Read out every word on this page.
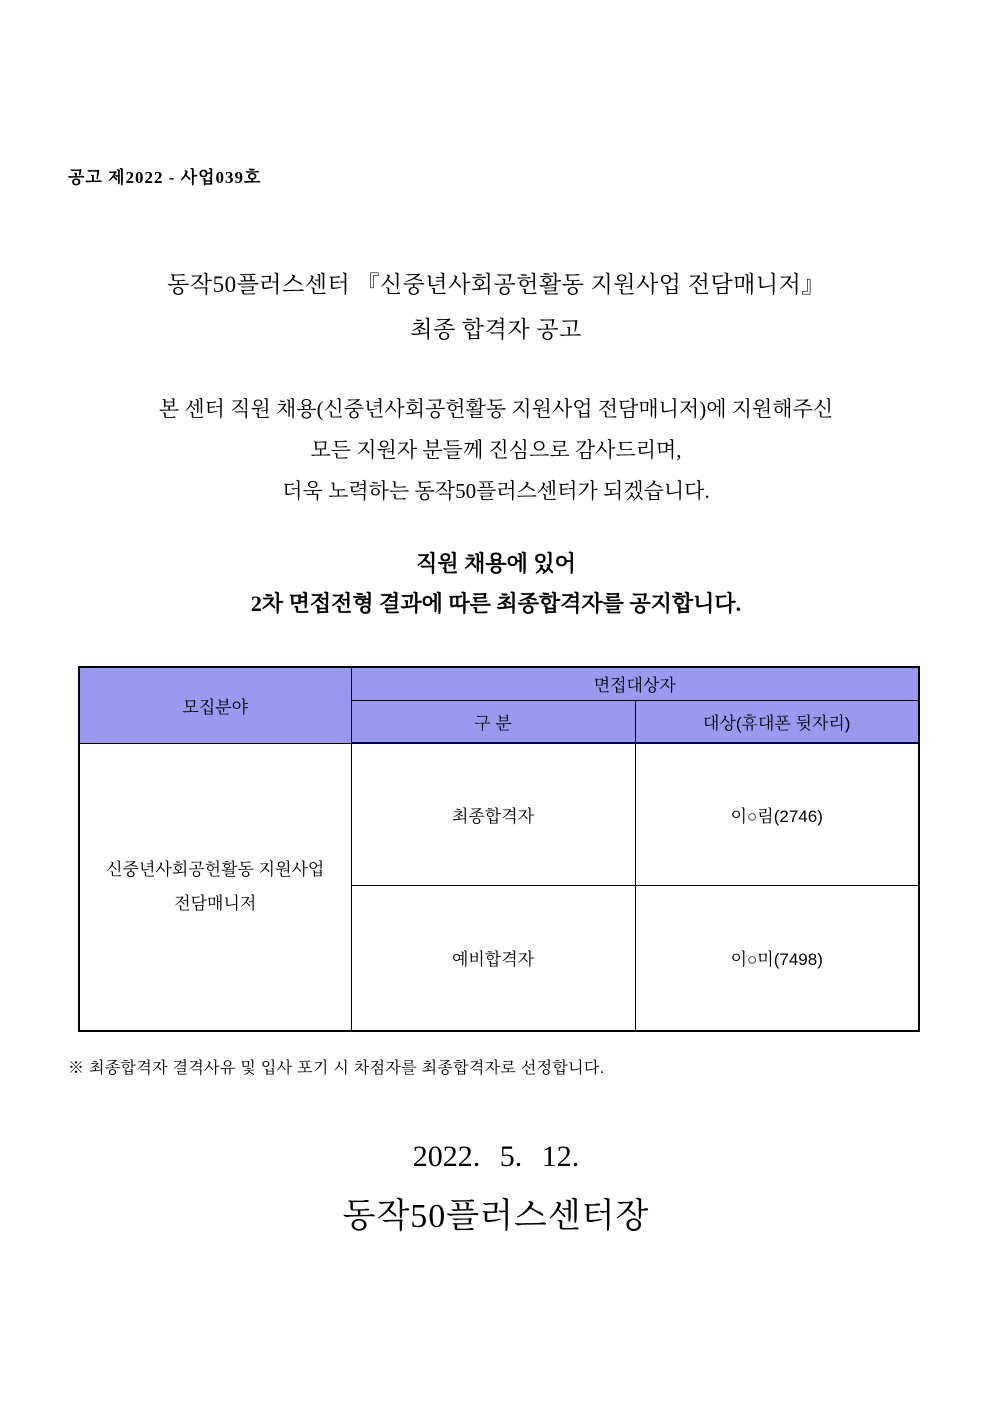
공고 제2022 - 사업039호
동작50플러스센터 『신중년사회공헌활동 지원사업 전담매니저』
최종 합격자 공고
본 센터 직원 채용(신중년사회공헌활동 지원사업 전담매니저)에 지원해주신
모든 지원자 분들께 진심으로 감사드리며,
더욱 노력하는 동작50플러스센터가 되겠습니다.
직원 채용에 있어
2차 면접전형 결과에 따른 최종합격자를 공지합니다.
모집분야	면접대상자	
	구 분	대상(휴대폰 뒷자리)

신중년사회공헌활동 지원사업
전담매니저	최종합격자	이○림(2746)
	예비합격자	이○미(7498)
※ 최종합격자 결격사유 및 입사 포기 시 차점자를 최종합격자로 선정합니다.
2022. 5. 12.
동작50플러스센터장
